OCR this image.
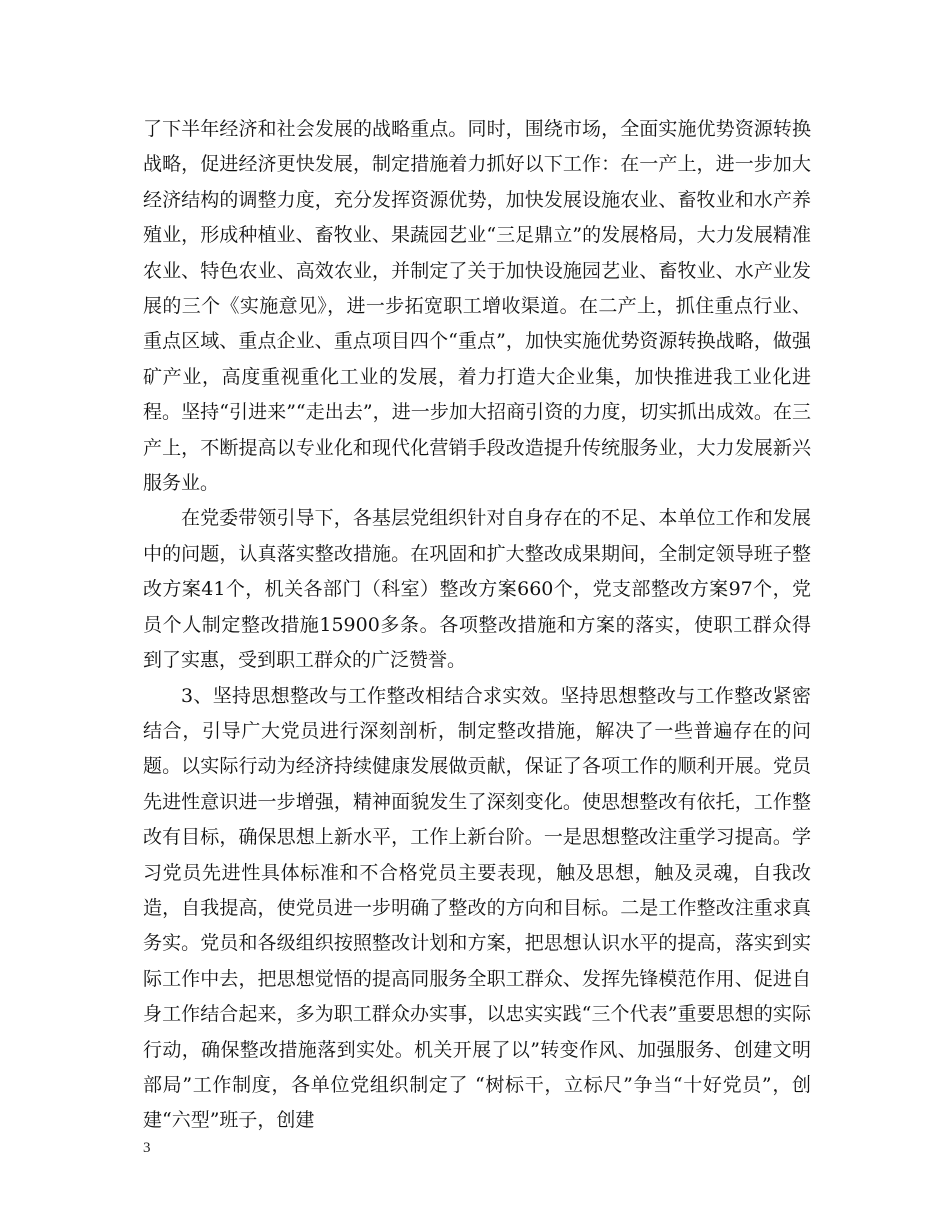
了下半年经济和社会发展的战略重点。同时，围绕市场，全面实施优势资源转换战略，促进经济更快发展，制定措施着力抓好以下工作：在一产上，进一步加大经济结构的调整力度，充分发挥资源优势，加快发展设施农业、畜牧业和水产养殖业，形成种植业、畜牧业、果蔬园艺业“三足鼎立”的发展格局，大力发展精准农业、特色农业、高效农业，并制定了关于加快设施园艺业、畜牧业、水产业发展的三个《实施意见》，进一步拓宽职工增收渠道。在二产上，抓住重点行业、重点区域、重点企业、重点项目四个“重点”，加快实施优势资源转换战略，做强矿产业，高度重视重化工业的发展，着力打造大企业集，加快推进我工业化进程。坚持“引进来”“走出去”，进一步加大招商引资的力度，切实抓出成效。在三产上，不断提高以专业化和现代化营销手段改造提升传统服务业，大力发展新兴服务业。

在党委带领引导下，各基层党组织针对自身存在的不足、本单位工作和发展中的问题，认真落实整改措施。在巩固和扩大整改成果期间，全制定领导班子整改方案41个，机关各部门（科室）整改方案660个，党支部整改方案97个，党员个人制定整改措施15900多条。各项整改措施和方案的落实，使职工群众得到了实惠，受到职工群众的广泛赞誉。

3、坚持思想整改与工作整改相结合求实效。坚持思想整改与工作整改紧密结合，引导广大党员进行深刻剖析，制定整改措施，解决了一些普遍存在的问题。以实际行动为经济持续健康发展做贡献，保证了各项工作的顺利开展。党员先进性意识进一步增强，精神面貌发生了深刻变化。使思想整改有依托，工作整改有目标，确保思想上新水平，工作上新台阶。一是思想整改注重学习提高。学习党员先进性具体标准和不合格党员主要表现，触及思想，触及灵魂，自我改造，自我提高，使党员进一步明确了整改的方向和目标。二是工作整改注重求真务实。党员和各级组织按照整改计划和方案，把思想认识水平的提高，落实到实际工作中去，把思想觉悟的提高同服务全职工群众、发挥先锋模范作用、促进自身工作结合起来，多为职工群众办实事，以忠实实践“三个代表”重要思想的实际行动，确保整改措施落到实处。机关开展了以”转变作风、加强服务、创建文明部局”工作制度，各单位党组织制定了 “树标干，立标尺”争当“十好党员”，创建“六型”班子，创建

3
